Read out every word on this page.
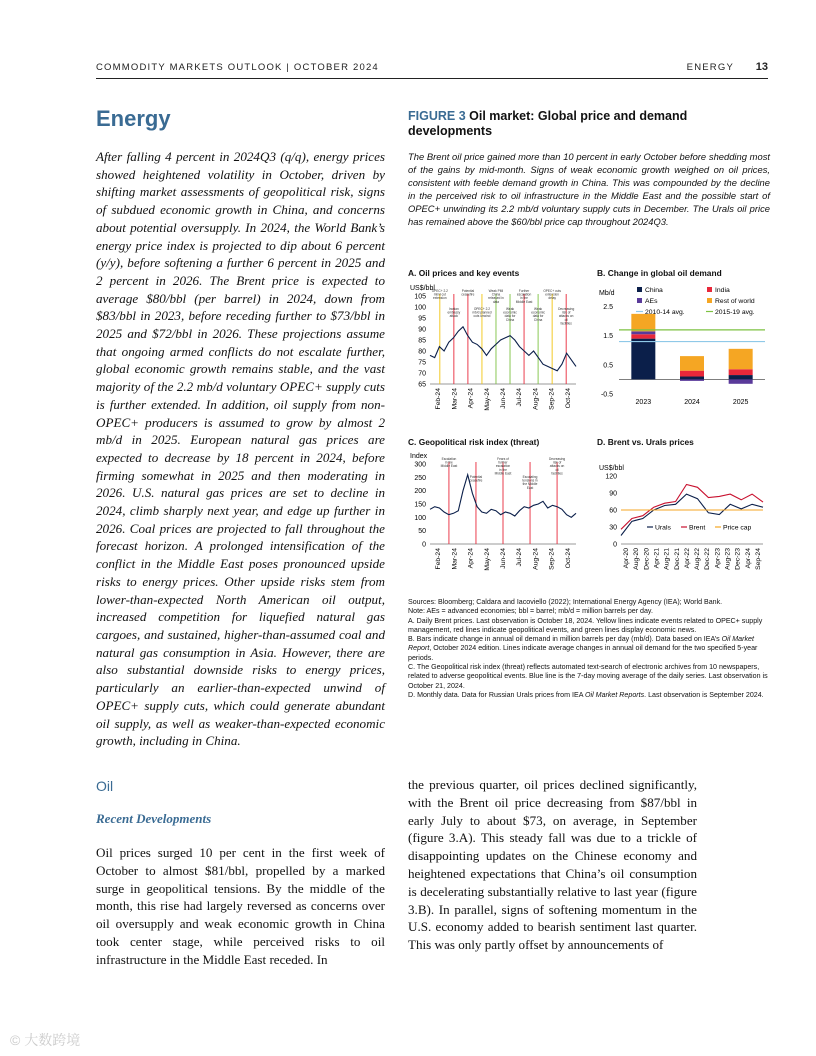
COMMODITY MARKETS OUTLOOK | OCTOBER 2024	ENERGY 13
Energy
After falling 4 percent in 2024Q3 (q/q), energy prices showed heightened volatility in October, driven by shifting market assessments of geopolitical risk, signs of subdued economic growth in China, and concerns about potential oversupply. In 2024, the World Bank’s energy price index is projected to dip about 6 percent (y/y), before softening a further 6 percent in 2025 and 2 percent in 2026. The Brent price is expected to average $80/bbl (per barrel) in 2024, down from $83/bbl in 2023, before receding further to $73/bbl in 2025 and $72/bbl in 2026. These projections assume that ongoing armed conflicts do not escalate further, global economic growth remains stable, and the vast majority of the 2.2 mb/d voluntary OPEC+ supply cuts is further extended. In addition, oil supply from non-OPEC+ producers is assumed to grow by almost 2 mb/d in 2025. European natural gas prices are expected to decrease by 18 percent in 2024, before firming somewhat in 2025 and then moderating in 2026. U.S. natural gas prices are set to decline in 2024, climb sharply next year, and edge up further in 2026. Coal prices are projected to fall throughout the forecast horizon. A prolonged intensification of the conflict in the Middle East poses pronounced upside risks to energy prices. Other upside risks stem from lower-than-expected North American oil output, increased competition for liquefied natural gas cargoes, and sustained, higher-than-assumed coal and natural gas consumption in Asia. However, there are also substantial downside risks to energy prices, particularly an earlier-than-expected unwind of OPEC+ supply cuts, which could generate abundant oil supply, as well as weaker-than-expected economic growth, including in China.
Oil
Recent Developments
Oil prices surged 10 per cent in the first week of October to almost $81/bbl, propelled by a marked surge in geopolitical tensions. By the middle of the month, this rise had largely reversed as concerns over oil oversupply and weak economic growth in China took center stage, while perceived risks to oil infrastructure in the Middle East receded. In
the previous quarter, oil prices declined significantly, with the Brent oil price decreasing from $87/bbl in early July to about $73, on average, in September (figure 3.A). This steady fall was due to a trickle of disappointing updates on the Chinese economy and heightened expectations that China’s oil consumption is decelerating substantially relative to last year (figure 3.B). In parallel, signs of softening momentum in the U.S. economy added to bearish sentiment last quarter. This was only partly offset by announcements of
FIGURE 3 Oil market: Global price and demand developments
The Brent oil price gained more than 10 percent in early October before shedding most of the gains by mid-month. Signs of weak economic growth weighed on oil prices, consistent with feeble demand growth in China. This was compounded by the decline in the perceived risk to oil infrastructure in the Middle East and the possible start of OPEC+ unwinding its 2.2 mb/d voluntary supply cuts in December. The Urals oil price has remained above the $60/bbl price cap throughout 2024Q3.
A. Oil prices and key events	B. Change in global oil demand
C. Geopolitical risk index (threat)	D. Brent vs. Urals prices
US$/bbl
65
70
75
80
85
90
95
100
105
Feb-24 Mar-24 Apr-24 May-24 Jun-24 Jul-24 Aug-24 Sep-24 Oct-24
OPEC+ 2.2 mb/d cut extension
Iranian embassy attack
Potential ceasefire
OPEC+ 2.2 mb/d planned cuts unwind
Weak PMI China released in data
Weak economic data for China
Further escalation in the Middle East
Weak economic data for China
OPEC+ cuts extension delay
Decreasing risk of attacks on oil facilities
Mb/d
-0.5
0.5
1.5
2.5
2023	2024	2025
China	India
AEs	Rest of world
2010-14 avg.	2015-19 avg.
Index
0
50
100
150
200
250
300
Feb-24 Mar-24 Apr-24 May-24 Jun-24 Jul-24 Aug-24 Sep-24 Oct-24
Escalation in the Middle East
Potential ceasefire
Fears of further escalation in the Middle East
Escalating tensions in the Middle East
Decreasing risk of attacks on oil facilities
US$/bbl
0
30
60
90
120
Apr-20 Aug-20 Dec-20 Apr-21 Aug-21 Dec-21 Apr-22 Aug-22 Dec-22 Apr-23 Aug-23 Dec-23 Apr-24 Sep-24
Urals	Brent	Price cap

Sources: Bloomberg; Caldara and Iacoviello (2022); International Energy Agency (IEA); World Bank.

Note: AEs = advanced economies; bbl = barrel; mb/d = million barrels per day.

A. Daily Brent prices. Last observation is October 18, 2024. Yellow lines indicate events related to OPEC+ supply management, red lines indicate geopolitical events, and green lines display economic news.

B. Bars indicate change in annual oil demand in million barrels per day (mb/d). Data based on IEA’s Oil Market Report, October 2024 edition. Lines indicate average changes in annual oil demand for the two specified 5-year periods.

C. The Geopolitical risk index (threat) reflects automated text-search of electronic archives from 10 newspapers, related to adverse geopolitical events. Blue line is the 7-day moving average of the daily series. Last observation is October 21, 2024.

D. Monthly data. Data for Russian Urals prices from IEA Oil Market Reports. Last observation is September 2024.

© 大数跨境
